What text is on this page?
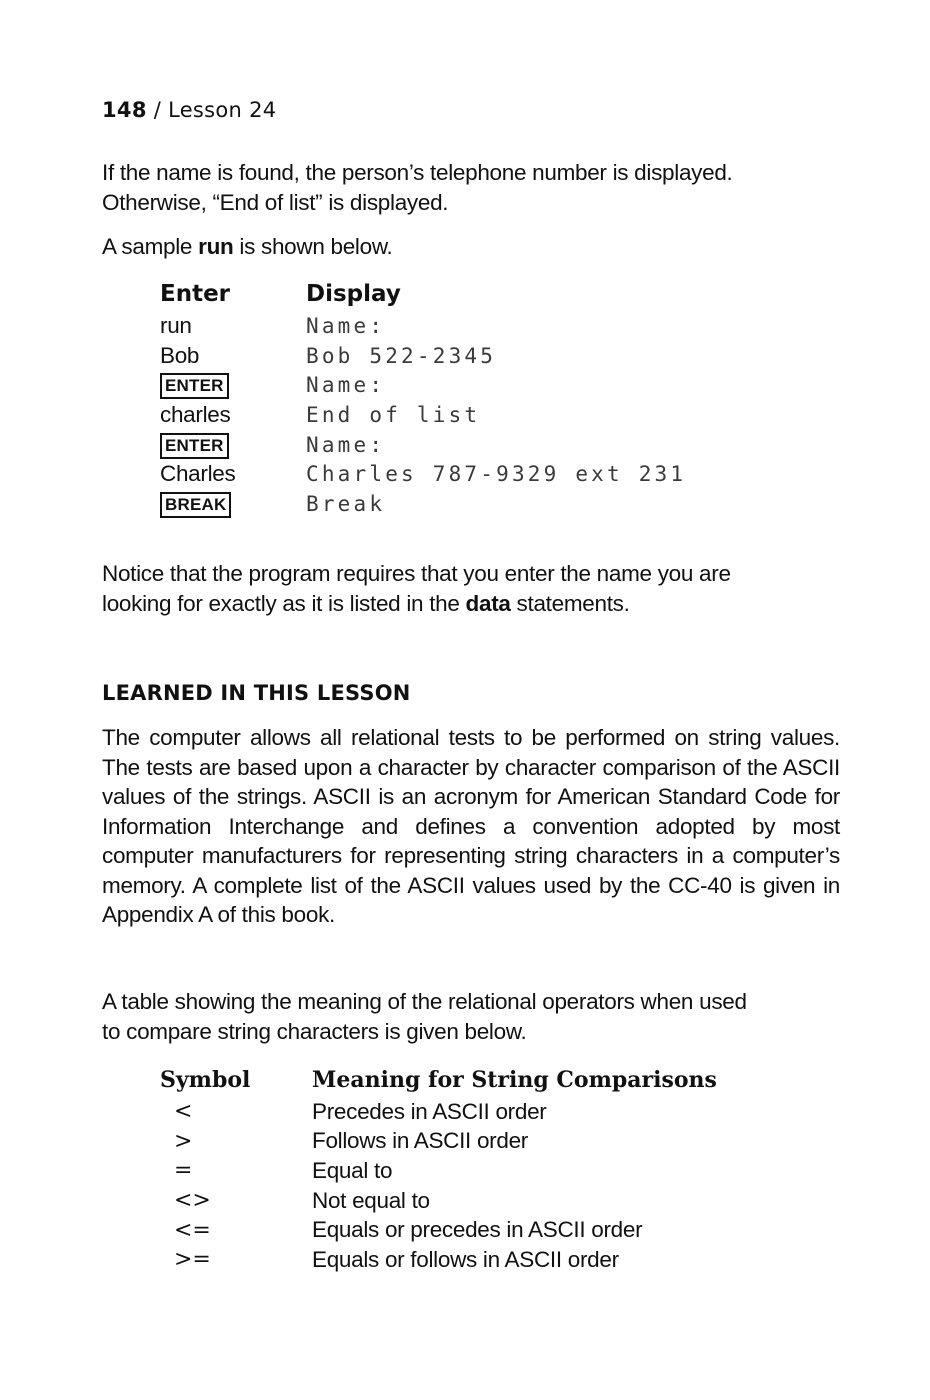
148 / Lesson 24

If the name is found, the person’s telephone number is displayed.
Otherwise, “End of list” is displayed.

A sample run is shown below.

Enter	Display
run	Name:
Bob	Bob 522-2345
ENTER	Name:
charles	End of list
ENTER	Name:
Charles	Charles 787-9329 ext 231
BREAK	Break

Notice that the program requires that you enter the name you are
looking for exactly as it is listed in the data statements.

LEARNED IN THIS LESSON

The computer allows all relational tests to be performed on string values. The tests are based upon a character by character comparison of the ASCII values of the strings. ASCII is an acronym for American Standard Code for Information Interchange and defines a convention adopted by most computer manufacturers for representing string characters in a computer’s memory. A complete list of the ASCII values used by the CC-40 is given in Appendix A of this book.

A table showing the meaning of the relational operators when used
to compare string characters is given below.

Symbol	Meaning for String Comparisons
<	Precedes in ASCII order
>	Follows in ASCII order
=	Equal to
<>	Not equal to
<=	Equals or precedes in ASCII order
>=	Equals or follows in ASCII order
